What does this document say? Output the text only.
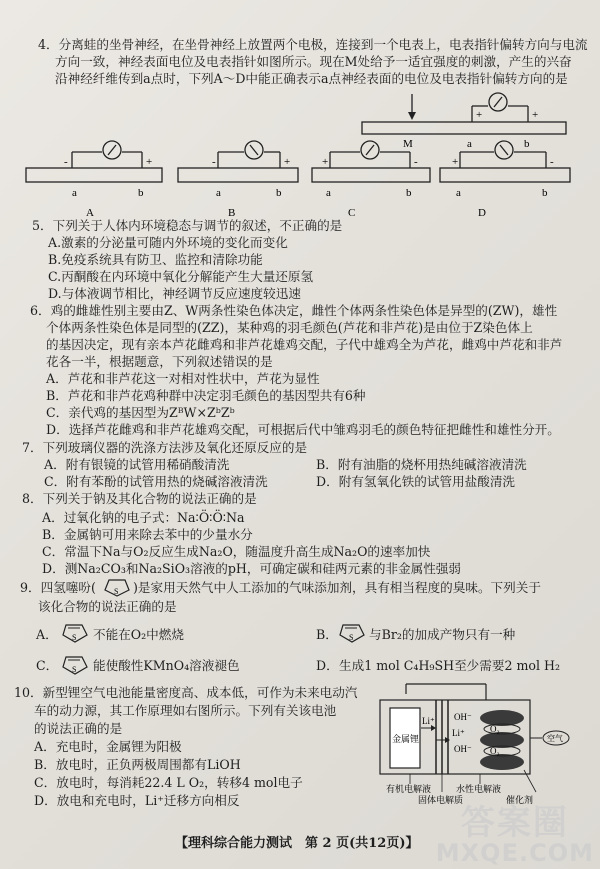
4．分离蛙的坐骨神经，在坐骨神经上放置两个电极，连接到一个电表上，电表指针偏转方向与电流
方向一致，神经表面电位及电表指针如图所示。现在M处给予一适宜强度的刺激，产生的兴奋
沿神经纤维传到a点时，下列A～D中能正确表示a点神经表面的电位及电表指针偏转方向的是
M	a	b
+	+
-	+	-	+	+	-	+	-
a	b	a	b	a	b	a	b
A	B	C	D
5．下列关于人体内环境稳态与调节的叙述，不正确的是
A.激素的分泌量可随内外环境的变化而变化
B.免疫系统具有防卫、监控和清除功能
C.丙酮酸在内环境中氧化分解能产生大量还原氢
D.与体液调节相比，神经调节反应速度较迅速
6．鸡的雌雄性别主要由Z、W两条性染色体决定，雌性个体两条性染色体是异型的(ZW)，雄性
个体两条性染色体是同型的(ZZ)，某种鸡的羽毛颜色(芦花和非芦花)是由位于Z染色体上
的基因决定，现有亲本芦花雌鸡和非芦花雄鸡交配，子代中雄鸡全为芦花，雌鸡中芦花和非芦
花各一半，根据题意，下列叙述错误的是
A．芦花和非芦花这一对相对性状中，芦花为显性
B．芦花和非芦花鸡种群中决定羽毛颜色的基因型共有6种
C．亲代鸡的基因型为ZᴮW×ZᵇZᵇ
D．选择芦花雌鸡和非芦花雄鸡交配，可根据后代中雏鸡羽毛的颜色特征把雌性和雄性分开。
7．下列玻璃仪器的洗涤方法涉及氧化还原反应的是
A．附有银镜的试管用稀硝酸清洗	B．附有油脂的烧杯用热纯碱溶液清洗
C．附有苯酚的试管用热的烧碱溶液清洗	D．附有氢氧化铁的试管用盐酸清洗
8．下列关于钠及其化合物的说法正确的是
A．过氧化钠的电子式：Na∶Ö∶Ö∶Na
B．金属钠可用来除去苯中的少量水分
C．常温下Na与O₂反应生成Na₂O，随温度升高生成Na₂O的速率加快
D．测Na₂CO₃和Na₂SiO₃溶液的pH，可确定碳和硅两元素的非金属性强弱
9．四氢噻吩( S )是家用天然气中人工添加的气味添加剂，具有相当程度的臭味。下列关于
该化合物的说法正确的是
A． S 不能在O₂中燃烧	B． S 与Br₂的加成产物只有一种
C． S 能使酸性KMnO₄溶液褪色	D． 生成1 mol C₄H₉SH至少需要2 mol H₂
10．新型锂空气电池能量密度高、成本低，可作为未来电动汽
车的动力源，其工作原理如右图所示。下列有关该电池
的说法正确的是
A．充电时，金属锂为阳极
B．放电时，正负两极周围都有LiOH
C．放电时，每消耗22.4 L O₂，转移4 mol电子
D．放电和充电时，Li⁺迁移方向相反
金属锂
Li⁺
Li⁺
OH⁻
OH⁻
O₂
O₂
空气
有机电解液	水性电解液
固体电解质	催化剂
【理科综合能力测试　第 2 页(共12页)】
答案圈
MXQE.COM
